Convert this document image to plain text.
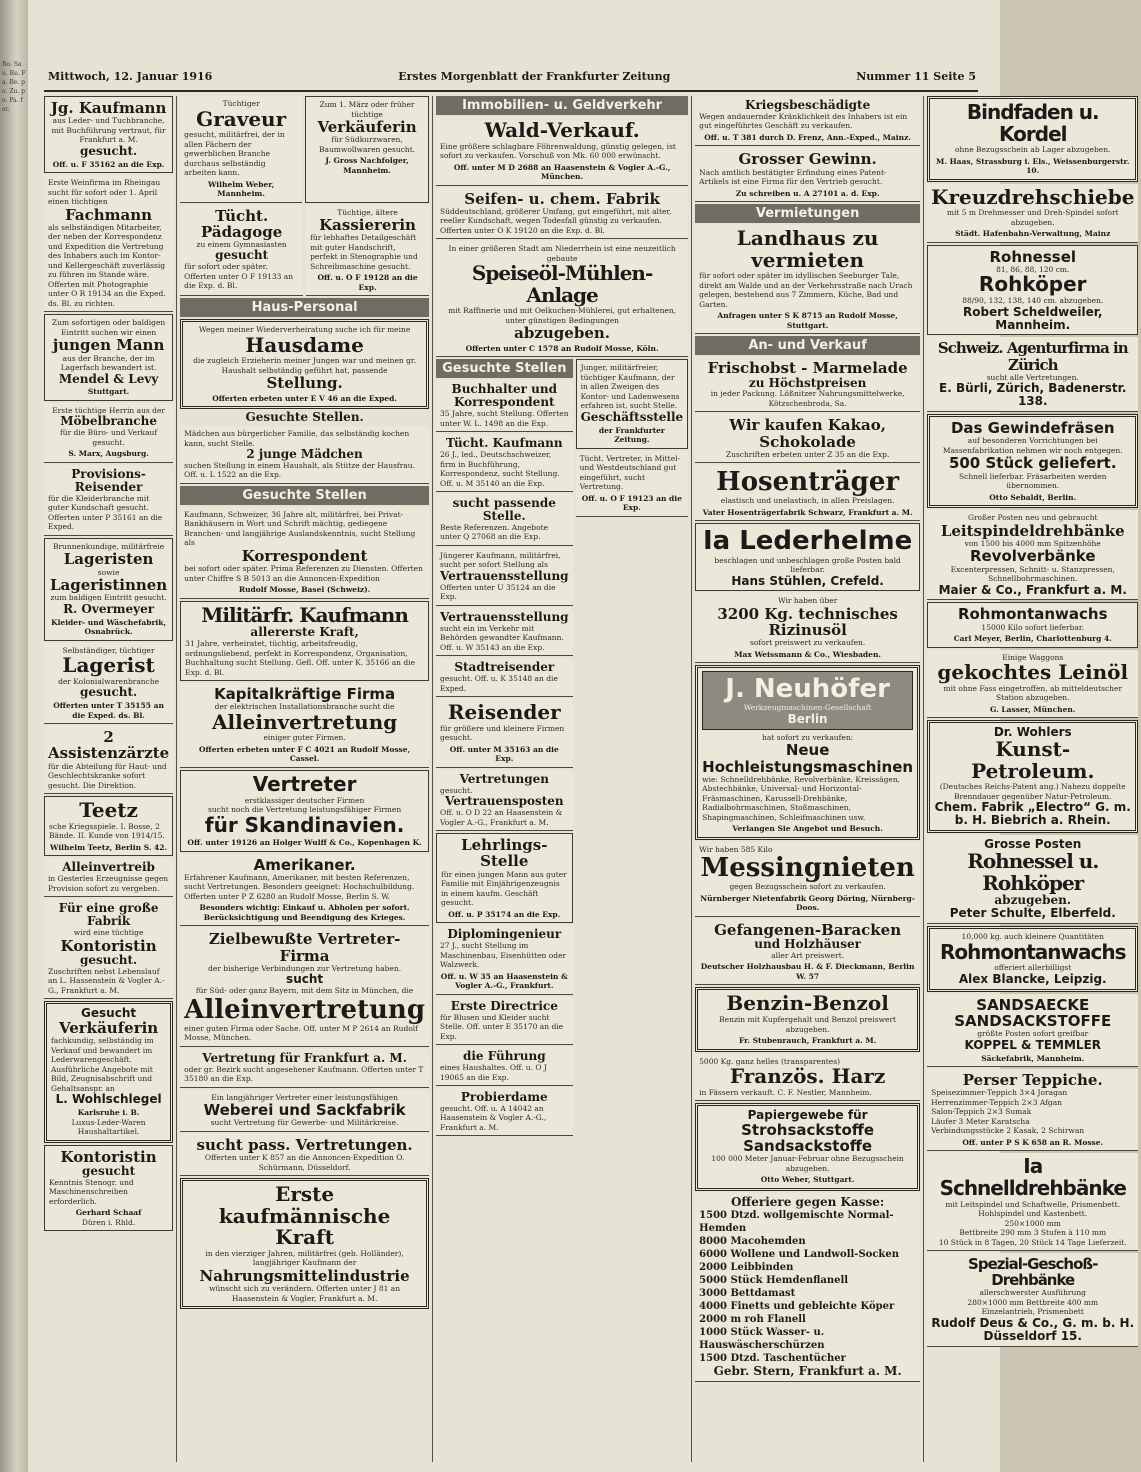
Ro. Sau. Re. Fa. Be. po. Zu. po. Pa. fer.

Mittwoch, 12. Januar 1916	Erstes Morgenblatt der Frankfurter Zeitung	Nummer 11 Seite 5
Jg. Kaufmann
aus Leder- und Tuchbranche, mit Buchführung vertraut, für Frankfurt a. M.
gesucht.
Off. u. F 35162 an die Exp.
Erste Weinfirma im Rheingau sucht für sofort oder 1. April einen tüchtigen
Fachmann
als selbständigen Mitarbeiter, der neben der Korrespondenz und Expedition die Vertretung des Inhabers auch im Kontor- und Kellergeschäft zuverlässig zu führen im Stande wäre. Offerten mit Photographie unter O R 19134 an die Exped. ds. Bl. zu richten.
Zum sofortigen oder baldigen Eintritt suchen wir einen
jungen Mann
aus der Branche, der im Lagerfach bewandert ist.
Mendel & Levy
Stuttgart.
Erste tüchtige Herrin aus der
Möbelbranche
für die Büro- und Verkauf gesucht.
S. Marx, Augsburg.
Provisions-Reisender
für die Kleiderbranche mit guter Kundschaft gesucht. Offerten unter P 35161 an die Exped.
Brunnenkundige, militärfreie
Lageristen
sowie
Lageristinnen
zum baldigen Eintritt gesucht.
R. Overmeyer
Kleider- und Wäschefabrik, Osnabrück.
Selbständiger, tüchtiger
Lagerist
der Kolonialwarenbranche
gesucht.
Offerten unter T 35155 an die Exped. ds. Bl.
2 Assistenzärzte
für die Abteilung für Haut- und Geschlechtskranke sofort gesucht. Die Direktion.
Teetz
sche Kriegsspiele. I. Bosse, 2 Bände. II. Kunde von 1914/15.
Wilhelm Teetz, Berlin S. 42.
Alleinvertreib
in Gesterles Erzeugnisse gegen Provision sofort zu vergeben.
Für eine große Fabrik
wird eine tüchtige
Kontoristin
gesucht.
Zuschriften nebst Lebenslauf an L. Hassenstein & Vogler A.-G., Frankfurt a. M.
Gesucht
Verkäuferin
fachkundig, selbständig im Verkauf und bewandert im Lederwarengeschäft. Ausführliche Angebote mit Bild, Zeugnisabschrift und Gehaltsanspr. an
L. Wohlschlegel
Karlsruhe i. B.
Luxus-Leder-Waren Haushaltartikel.
Kontoristin
gesucht
Kenntnis Stenogr. und Maschinenschreiben erforderlich.
Gerhard Schaaf
Düren i. Rhld.
Tüchtiger
Graveur
gesucht, militärfrei, der in allen Fächern der gewerblichen Branche durchaus selbständig arbeiten kann.
Wilhelm Weber, Mannheim.
Zum 1. März oder früher tüchtige
Verkäuferin
für Südkurzwaren, Baumwollwaren gesucht.
J. Gross Nachfolger, Mannheim.
Tücht. Pädagoge
zu einem Gymnasiasten
gesucht
für sofort oder später. Offerten unter O F 19133 an die Exp. d. Bl.
Tüchtige, ältere
Kassiererin
für lebhaftes Detailgeschäft mit guter Handschrift, perfekt in Stenographie und Schreibmaschine gesucht.
Off. u. O F 19128 an die Exp.
Haus-Personal
Wegen meiner Wiederverheiratung suche ich für meine
Hausdame
die zugleich Erzieherin meiner Jungen war und meinen gr. Haushalt selbständig geführt hat, passende
Stellung.
Offerten erbeten unter E V 46 an die Exped.
Gesuchte Stellen.
Mädchen aus bürgerlicher Familie, das selbständig kochen kann, sucht Stelle.
2 junge Mädchen
suchen Stellung in einem Haushalt, als Stütze der Hausfrau. Off. u. L 1522 an die Exp.
Gesuchte Stellen
Kaufmann, Schweizer, 36 Jahre alt, militärfrei, bei Privat-Bankhäusern in Wort und Schrift mächtig, gediegene Branchen- und langjährige Auslandskenntnis, sucht Stellung als
Korrespondent
bei sofort oder später. Prima Referenzen zu Diensten. Offerten unter Chiffre S B 5013 an die Annoncen-Expedition
Rudolf Mosse, Basel (Schweiz).
Militärfr. Kaufmann
allererste Kraft,
31 Jahre, verheiratet, tüchtig, arbeitsfreudig, ordnungsliebend, perfekt in Korrespondenz, Organisation, Buchhaltung sucht Stellung. Gefl. Off. unter K. 35166 an die Exp. d. Bl.
Kapitalkräftige Firma
der elektrischen Installationsbranche sucht die
Alleinvertretung
einiger guter Firmen.
Offerten erbeten unter F C 4021 an Rudolf Mosse, Cassel.
Vertreter
erstklassiger deutscher Firmen
sucht noch die Vertretung leistungsfähiger Firmen
für Skandinavien.
Off. unter 19126 an Holger Wulff & Co., Kopenhagen K.
Amerikaner.
Erfahrener Kaufmann, Amerikaner, mit besten Referenzen, sucht Vertretungen. Besonders geeignet: Hochschulbildung. Offerten unter P Z 6280 an Rudolf Mosse, Berlin S. W.
Besonders wichtig: Einkauf u. Abholen per sofort. Berücksichtigung und Beendigung des Krieges.
Zielbewußte Vertreter-Firma
der bisherige Verbindungen zur Vertretung haben.
sucht
für Süd- oder ganz Bayern, mit dem Sitz in München, die
Alleinvertretung
einer guten Firma oder Sache. Off. unter M P 2614 an Rudolf Mosse, München.
Vertretung für Frankfurt a. M.
oder gr. Bezirk sucht angesehener Kaufmann. Offerten unter T 35180 an die Exp.
Ein langjähriger Vertreter einer leistungsfähigen
Weberei und Sackfabrik
sucht Vertretung für Gewerbe- und Militärkreise.
sucht pass. Vertretungen.
Offerten unter K 857 an die Annoncen-Expedition O. Schürmann, Düsseldorf.
Erste kaufmännische Kraft
in den vierziger Jahren, militärfrei (geb. Holländer), langjähriger Kaufmann der
Nahrungsmittelindustrie
wünscht sich zu verändern. Offerten unter J 81 an Haasenstein & Vogler, Frankfurt a. M.
Immobilien- u. Geldverkehr
Wald-Verkauf.
Eine größere schlagbare Föhrenwaldung, günstig gelegen, ist sofort zu verkaufen. Vorschuß von Mk. 60 000 erwünscht.
Off. unter M D 2688 an Haasenstein & Vogler A.-G., München.
Seifen- u. chem. Fabrik
Süddeutschland, größerer Umfang, gut eingeführt, mit alter, reeller Kundschaft, wegen Todesfall günstig zu verkaufen. Offerten unter O K 19120 an die Exp. d. Bl.
In einer größeren Stadt am Niederrhein ist eine neuzeitlich gebaute
Speiseöl-Mühlen-Anlage
mit Raffinerie und mit Oelkuchen-Mühlerei, gut erhaltenen, unter günstigen Bedingungen
abzugeben.
Offerten unter C 1578 an Rudolf Mosse, Köln.
Gesuchte Stellen
Buchhalter und Korrespondent
35 Jahre, sucht Stellung. Offerten unter W. L. 1498 an die Exp.
Tücht. Kaufmann
26 J., led., Deutschschweizer, firm in Buchführung, Korrespondenz, sucht Stellung. Off. u. M 35140 an die Exp.
sucht passende Stelle.
Beste Referenzen. Angebote unter Q 27068 an die Exp.
Jüngerer Kaufmann, militärfrei, sucht per sofort Stellung als
Vertrauensstellung
Offerten unter U 35124 an die Exp.
Vertrauensstellung
sucht ein im Verkehr mit Behörden gewandter Kaufmann. Off. u. W 35143 an die Exp.
Stadtreisender
gesucht. Off. u. K 35148 an die Exped.
Reisender
für größere und kleinere Firmen gesucht.
Off. unter M 35163 an die Exp.
Vertretungen
gesucht.
Vertrauensposten
Off. u. O D 22 an Haasenstein & Vogler A.-G., Frankfurt a. M.
Lehrlings-Stelle
für einen jungen Mann aus guter Familie mit Einjährigenzeugnis in einem kaufm. Geschäft gesucht.
Off. u. P 35174 an die Exp.
Diplomingenieur
27 J., sucht Stellung im Maschinenbau, Eisenhütten oder Walzwerk.
Off. u. W 35 an Haasenstein & Vogler A.-G., Frankfurt.
Erste Directrice
für Blusen und Kleider sucht Stelle. Off. unter E 35170 an die Exp.
die Führung
eines Haushaltes. Off. u. O J 19065 an die Exp.
Probierdame
gesucht. Off. u. A 14042 an Haasenstein & Vogler A.-G., Frankfurt a. M.
Junger, militärfreier, tüchtiger Kaufmann, der in allen Zweigen des Kontor- und Ladenwesens erfahren ist, sucht Stelle.
Geschäftsstelle
der Frankfurter Zeitung.
Tücht. Vertreter, in Mittel- und Westdeutschland gut eingeführt, sucht Vertretung.
Off. u. O F 19123 an die Exp.
Kriegsbeschädigte
Wegen andauernder Kränklichkeit des Inhabers ist ein gut eingeführtes Geschäft zu verkaufen.
Off. u. T 381 durch D. Frenz, Ann.-Exped., Mainz.
Grosser Gewinn.
Nach amtlich bestätigter Erfindung eines Patent-Artikels ist eine Firma für den Vertrieb gesucht.
Zu schreiben u. A 27101 a. d. Exp.
Vermietungen
Landhaus zu vermieten
für sofort oder später im idyllischen Seeburger Tale, direkt am Walde und an der Verkehrsstraße nach Urach gelegen, bestehend aus 7 Zimmern, Küche, Bad und Garten.
Anfragen unter S K 8715 an Rudolf Mosse, Stuttgart.
An- und Verkauf
Frischobst - Marmelade
zu Höchstpreisen
in jeder Packung. Lößnitzer Nahrungsmittelwerke, Kötzschenbroda, Sa.
Wir kaufen Kakao, Schokolade
Zuschriften erbeten unter Z 35 an die Exp.
Hosenträger
elastisch und unelastisch, in allen Preislagen.
Vater Hosenträgerfabrik Schwarz, Frankfurt a. M.
Ia Lederhelme
beschlagen und unbeschlagen große Posten bald lieferbar.
Hans Stühlen, Crefeld.
Wir haben über
3200 Kg. technisches Rizinusöl
sofort preiswert zu verkaufen.
Max Weissmann & Co., Wiesbaden.
J. Neuhöfer
Werkzeugmaschinen-Gesellschaft
Berlin
hat sofort zu verkaufen:
Neue Hochleistungsmaschinen
wie: Schnelldrehbänke, Revolverbänke, Kreissägen, Abstechbänke, Universal- und Horizontal-Fräsmaschinen, Karussell-Drehbänke, Radialbohrmaschinen, Stoßmaschinen, Shapingmaschinen, Schleifmaschinen usw.
Verlangen Sie Angebot und Besuch.
Wir haben 585 Kilo
Messingnieten
gegen Bezugsschein sofort zu verkaufen.
Nürnberger Nietenfabrik Georg Döring, Nürnberg-Doos.
Gefangenen-Baracken
und Holzhäuser
aller Art preiswert.
Deutscher Holzhausbau H. & F. Dieckmann, Berlin W. 57
Benzin-Benzol
Benzin mit Kupfergehalt und Benzol preiswert abzugeben.
Fr. Stubenrauch, Frankfurt a. M.
5000 Kg. ganz helles (transparentes)
Französ. Harz
in Fässern verkauft. C. F. Nestler, Mannheim.
Papiergewebe für
Strohsackstoffe
Sandsackstoffe
100 000 Meter Januar-Februar ohne Bezugsschein abzugeben.
Otto Weber, Stuttgart.
Offeriere gegen Kasse:
1500 Dtzd. wollgemischte Normal-Hemden
8000 Macohemden
6000 Wollene und Landwoll-Socken
2000 Leibbinden
5000 Stück Hemdenflanell
3000 Bettdamast
4000 Finetts und gebleichte Köper
2000 m roh Flanell
1000 Stück Wasser- u. Hauswäscherschürzen
1500 Dtzd. Taschentücher
Gebr. Stern, Frankfurt a. M.
Bindfaden u. Kordel
ohne Bezugsschein ab Lager abzugeben.
M. Haas, Strassburg i. Els., Weissenburgerstr. 10.
Kreuzdrehschiebe
mit 5 m Drehmesser und Dreh-Spindel sofort abzugeben.
Städt. Hafenbahn-Verwaltung, Mainz
Rohnessel
81, 86, 88, 120 cm.
Rohköper
88/90, 132, 138, 140 cm. abzugeben.
Robert Scheldweiler, Mannheim.
Schweiz. Agenturfirma in Zürich
sucht alle Vertretungen.
E. Bürli, Zürich, Badenerstr. 138.
Das Gewindefräsen
auf besonderen Vorrichtungen bei Massenfabrikation nehmen wir noch entgegen.
500 Stück geliefert.
Schnell lieferbar. Fräsarbeiten werden übernommen.
Otto Sebaldt, Berlin.
Großer Posten neu und gebraucht
Leitspindeldrehbänke
von 1500 bis 4000 mm Spitzenhöhe
Revolverbänke
Excenterpressen, Schnitt- u. Stanzpressen, Schnellbohrmaschinen.
Maier & Co., Frankfurt a. M.
Rohmontanwachs
15000 Kilo sofort lieferbar.
Carl Meyer, Berlin, Charlottenburg 4.
Einige Waggons
gekochtes Leinöl
mit ohne Fass eingetroffen, ab mitteldeutscher Station abzugeben.
G. Lasser, München.
Dr. Wohlers
Kunst-Petroleum.
(Deutsches Reichs-Patent ang.) Nahezu doppelte Brenndauer gegenüber Natur-Petroleum.
Chem. Fabrik „Electro“ G. m. b. H. Biebrich a. Rhein.
Grosse Posten
Rohnessel u. Rohköper
abzugeben.
Peter Schulte, Elberfeld.
10,000 kg. auch kleinere Quantitäten
Rohmontanwachs
offeriert allerbilligst
Alex Blancke, Leipzig.
SANDSAECKE
SANDSACKSTOFFE
größte Posten sofort greifbar
KOPPEL & TEMMLER
Säckefabrik, Mannheim.
Perser Teppiche.
Speisezimmer-Teppich 3×4 Joragan
Herrenzimmer-Teppich 2×3 Afgan
Salon-Teppich 2×3 Sumak
Läufer 3 Meter Karatscha
Verbindungsstücke 2 Kasak, 2 Schirwan
Off. unter P S K 658 an R. Mosse.
Ia Schnelldrehbänke
mit Leitspindel und Schaftwelle, Prismenbett. Hohlspindel und Kastenbett.
250×1000 mm
Bettbreite 290 mm 3 Stufen à 110 mm
10 Stück in 8 Tagen, 20 Stück 14 Tage Lieferzeit.
Spezial-Geschoß-Drehbänke
allerschwerster Ausführung
280×1000 mm Bettbreite 400 mm
Einzelantrieb, Prismenbett
Rudolf Deus & Co., G. m. b. H.
Düsseldorf 15.
